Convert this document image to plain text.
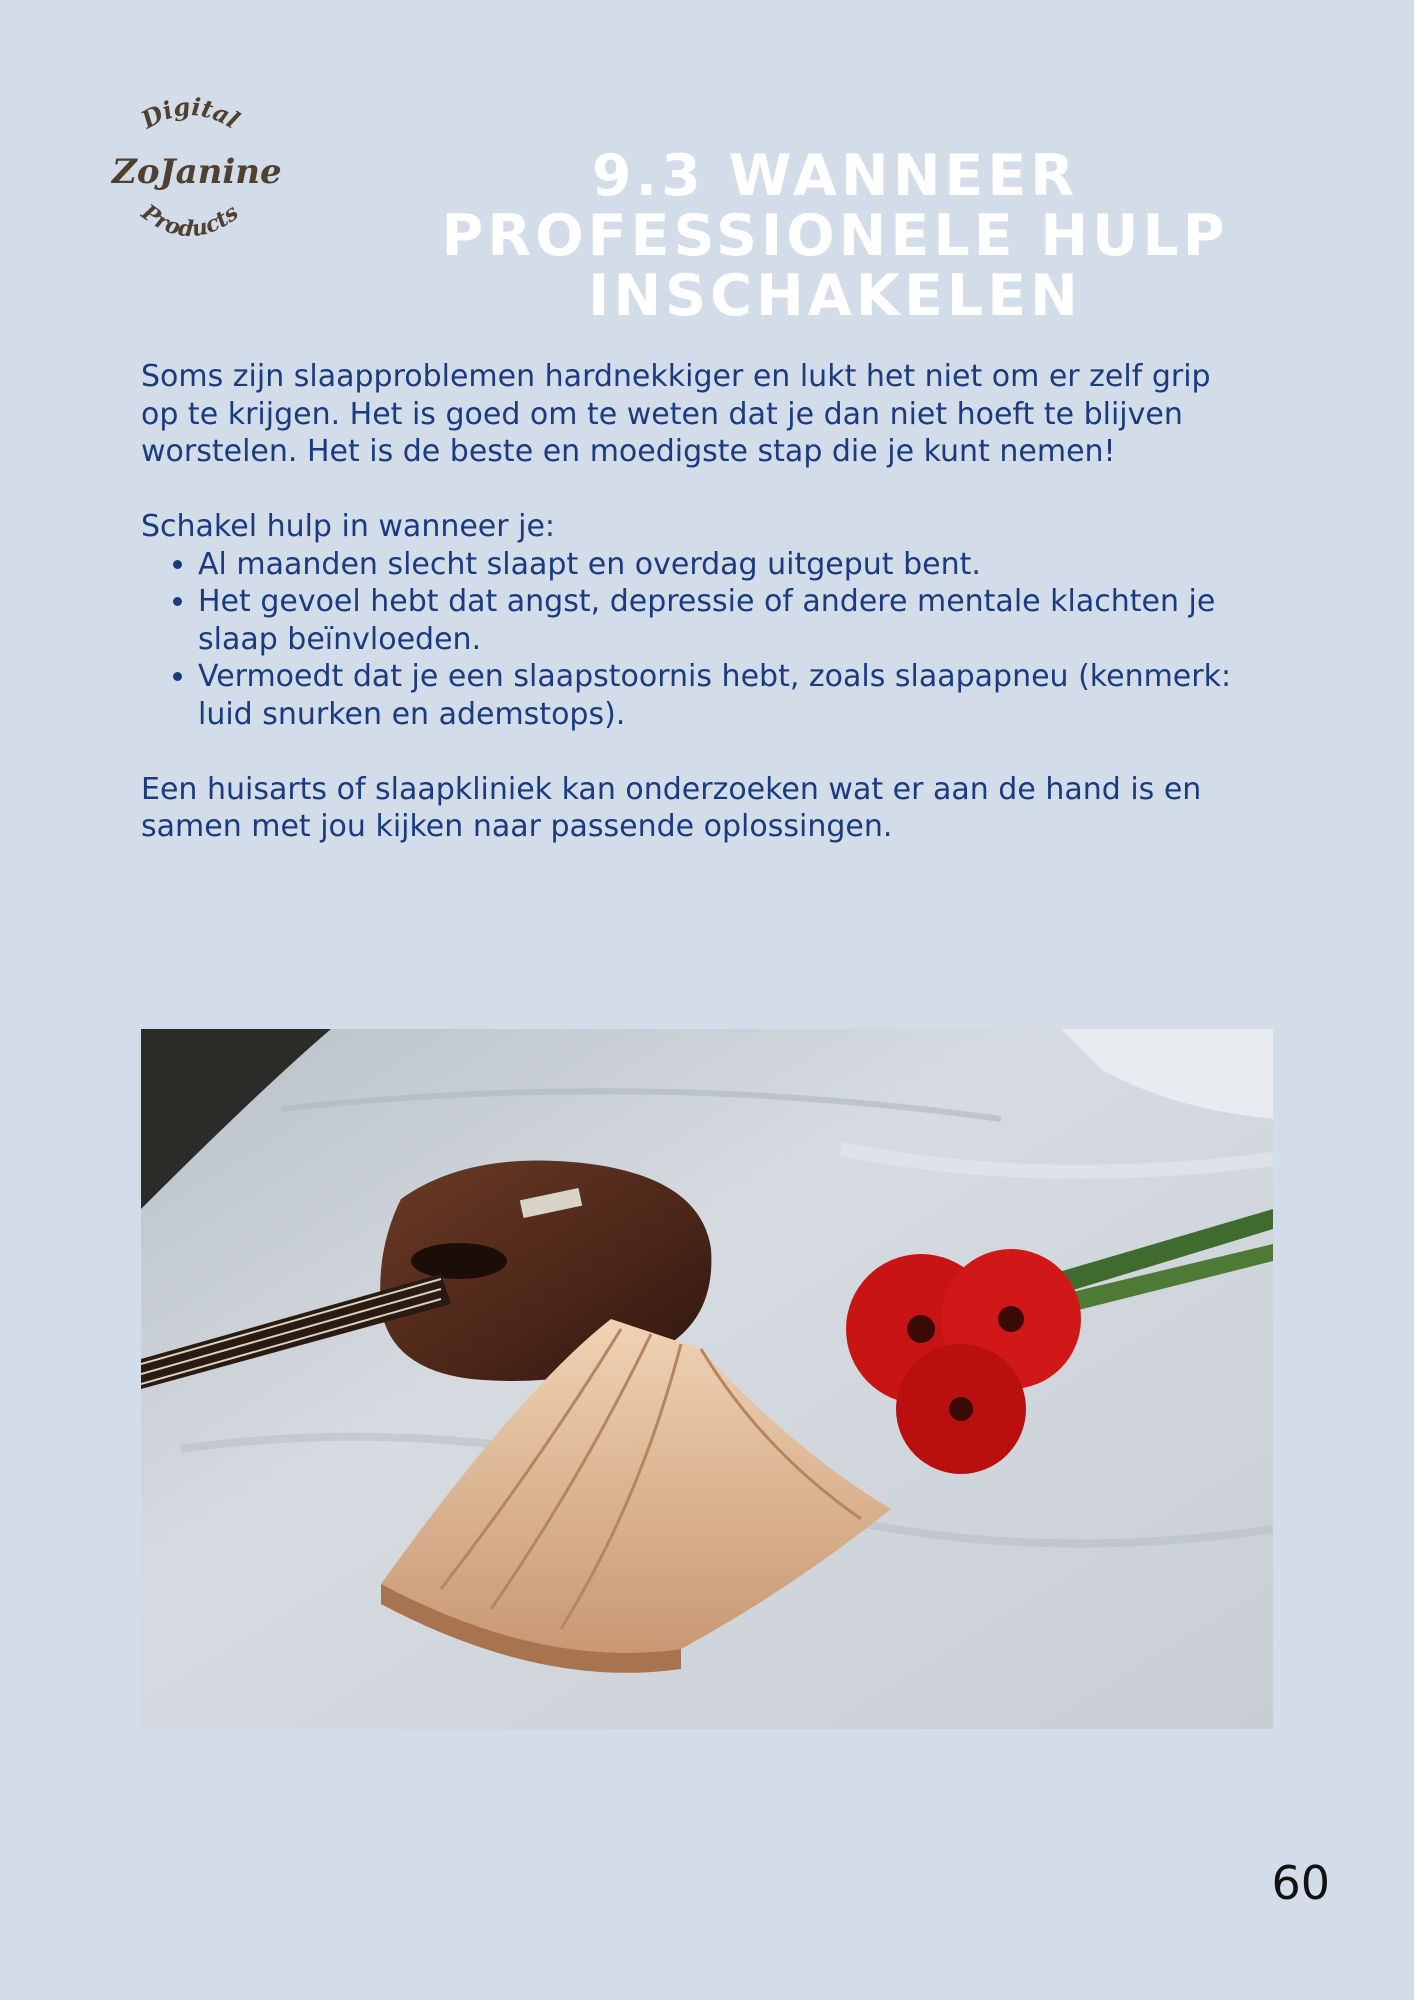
Digital
Products
ZoJanine	9.3 WANNEER
PROFESSIONELE HULP
INSCHAKELEN

Soms zijn slaapproblemen hardnekkiger en lukt het niet om er zelf grip
op te krijgen. Het is goed om te weten dat je dan niet hoeft te blijven
worstelen. Het is de beste en moedigste stap die je kunt nemen!

Schakel hulp in wanneer je:

• Al maanden slecht slaapt en overdag uitgeput bent.
• Het gevoel hebt dat angst, depressie of andere mentale klachten je slaap beïnvloeden.
• Vermoedt dat je een slaapstoornis hebt, zoals slaapapneu (kenmerk: luid snurken en ademstops).

Een huisarts of slaapkliniek kan onderzoeken wat er aan de hand is en
samen met jou kijken naar passende oplossingen.

60
